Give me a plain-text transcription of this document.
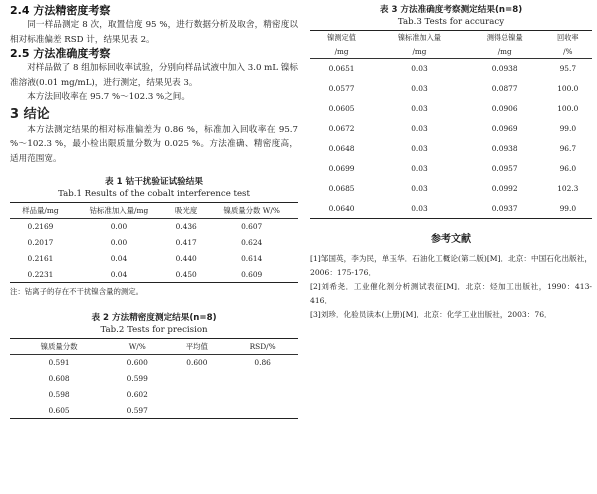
2.4 方法精密度考察

同一样品测定 8 次，取置信度 95 %，进行数据分析及取舍，精密度以相对标准偏差 RSD 计，结果见表 2。

2.5 方法准确度考察

对样品做了 8 组加标回收率试验，分别向样品试液中加入 3.0 mL 镍标准溶液(0.01 mg/mL)，进行测定，结果见表 3。

本方法回收率在 95.7 %～102.3 %之间。

3 结论

本方法测定结果的相对标准偏差为 0.86 %，标准加入回收率在 95.7 %～102.3 %，最小检出限质量分数为 0.025 %。方法准确、精密度高，适用范围宽。

表 1 钴干扰验证试验结果
Tab.1 Results of the cobalt interference test
样品量/mg	钴标准加入量/mg	吸光度	镍质量分数 W/%
0.2169	0.00	0.436	0.607
0.2017	0.00	0.417	0.624
0.2161	0.04	0.440	0.614
0.2231	0.04	0.450	0.609
注：钴离子的存在不干扰镍含量的测定。
表 2 方法精密度测定结果(n=8)
Tab.2 Tests for precision
镍质量分数	W/%	平均值	RSD/%
0.591	0.600	0.600	0.86
0.608	0.599		
0.598	0.602		
0.605	0.597		
表 3 方法准确度考察测定结果(n=8)
Tab.3 Tests for accuracy
镍测定值	镍标准加入量	测得总镍量	回收率
/mg	/mg	/mg	/%
0.0651	0.03	0.0938	95.7
0.0577	0.03	0.0877	100.0
0.0605	0.03	0.0906	100.0
0.0672	0.03	0.0969	99.0
0.0648	0.03	0.0938	96.7
0.0699	0.03	0.0957	96.0
0.0685	0.03	0.0992	102.3
0.0640	0.03	0.0937	99.0
参考文献

[1]邹国英，李为民，单玉华．石油化工概论(第二版)[M]．北京：中国石化出版社，2006：175-176．

[2]刘希尧．工业催化剂分析测试表征[M]．北京：烃加工出版社，1990：413-416．

[3]刘珍．化验员读本(上册)[M]．北京：化学工业出版社，2003：76．
